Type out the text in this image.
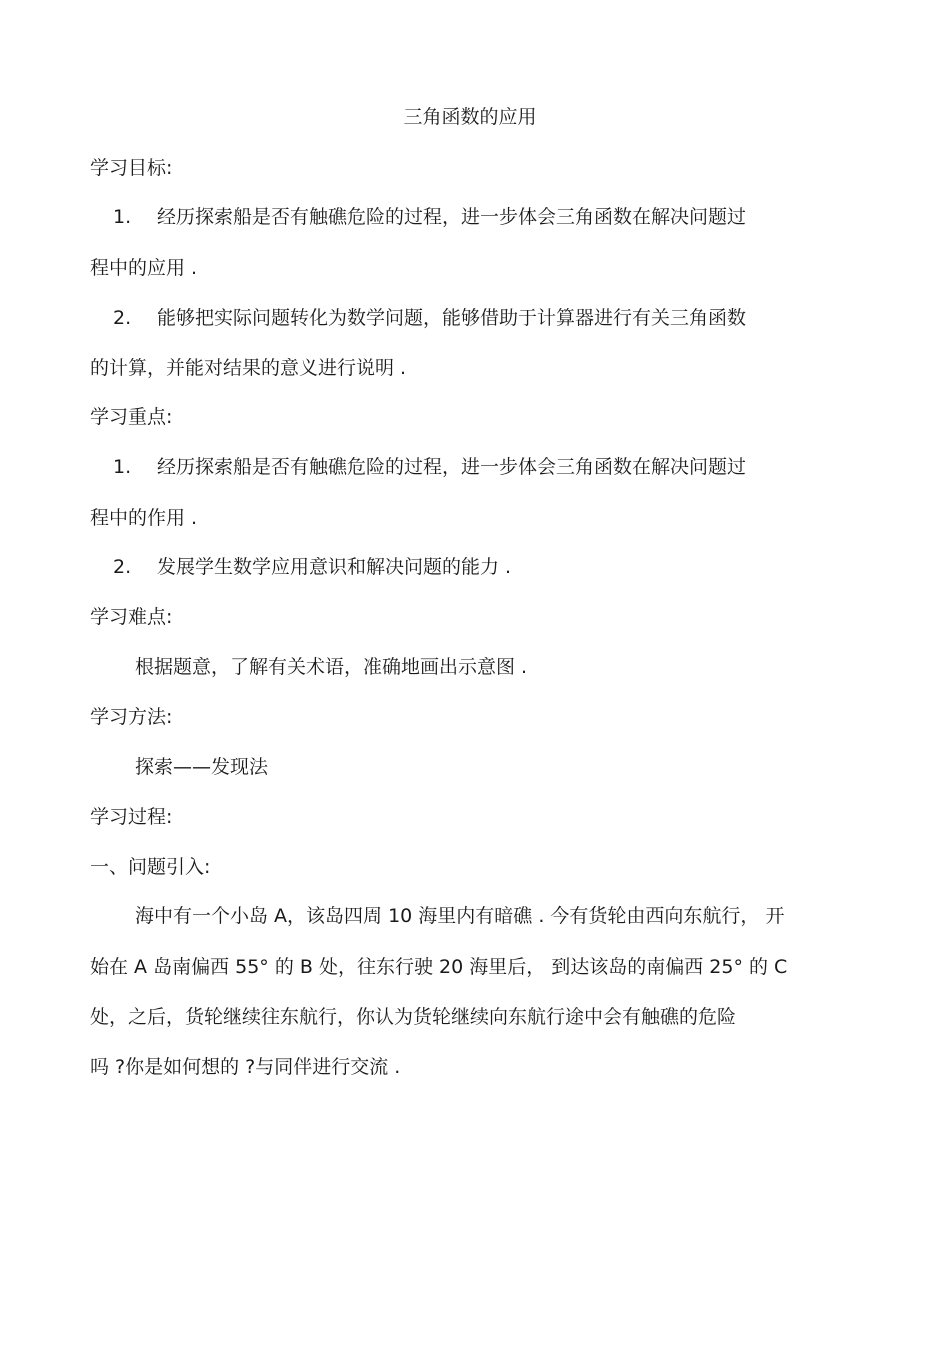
三角函数的应用
学习目标:
1. 经历探索船是否有触礁危险的过程，进一步体会三角函数在解决问题过
程中的应用 .
2. 能够把实际问题转化为数学问题，能够借助于计算器进行有关三角函数
的计算，并能对结果的意义进行说明 .
学习重点:
1. 经历探索船是否有触礁危险的过程，进一步体会三角函数在解决问题过
程中的作用 .
2. 发展学生数学应用意识和解决问题的能力 .
学习难点:
根据题意，了解有关术语，准确地画出示意图 .
学习方法:
探索——发现法
学习过程:
一、问题引入:
海中有一个小岛 A，该岛四周 10 海里内有暗礁 . 今有货轮由西向东航行， 开
始在 A 岛南偏西 55° 的 B 处，往东行驶 20 海里后， 到达该岛的南偏西 25° 的 C
处，之后，货轮继续往东航行，你认为货轮继续向东航行途中会有触礁的危险
吗 ?你是如何想的 ?与同伴进行交流 .
